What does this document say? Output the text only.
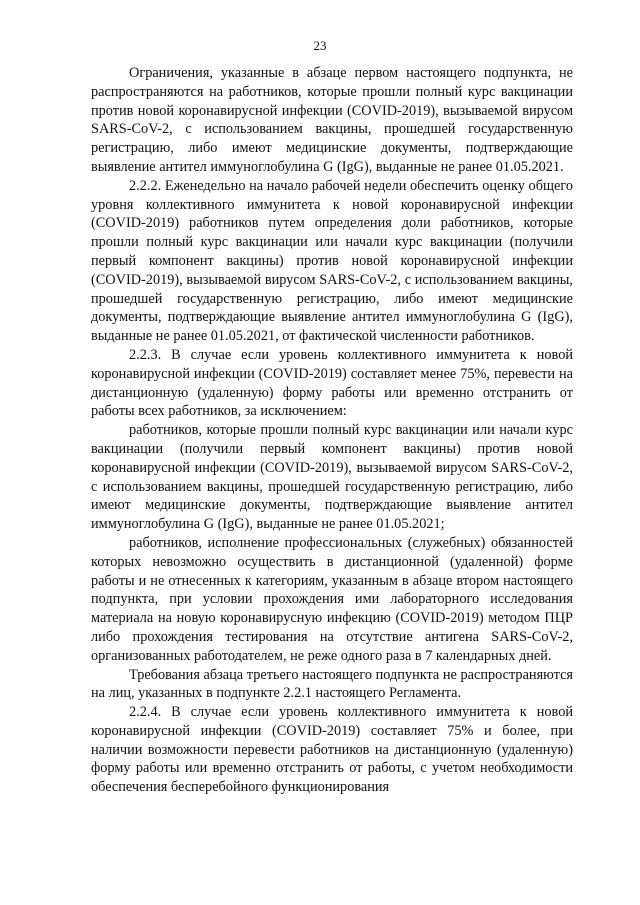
23

Ограничения, указанные в абзаце первом настоящего подпункта, не распространяются на работников, которые прошли полный курс вакцинации против новой коронавирусной инфекции (COVID-2019), вызываемой вирусом SARS-CoV-2, с использованием вакцины, прошедшей государственную регистрацию, либо имеют медицинские документы, подтверждающие выявление антител иммуноглобулина G (IgG), выданные не ранее 01.05.2021.

2.2.2. Еженедельно на начало рабочей недели обеспечить оценку общего уровня коллективного иммунитета к новой коронавирусной инфекции (COVID-2019) работников путем определения доли работников, которые прошли полный курс вакцинации или начали курс вакцинации (получили первый компонент вакцины) против новой коронавирусной инфекции (COVID-2019), вызываемой вирусом SARS-CoV-2, с использованием вакцины, прошедшей государственную регистрацию, либо имеют медицинские документы, подтверждающие выявление антител иммуноглобулина G (IgG), выданные не ранее 01.05.2021, от фактической численности работников.

2.2.3. В случае если уровень коллективного иммунитета к новой коронавирусной инфекции (COVID-2019) составляет менее 75%, перевести на дистанционную (удаленную) форму работы или временно отстранить от работы всех работников, за исключением:

работников, которые прошли полный курс вакцинации или начали курс вакцинации (получили первый компонент вакцины) против новой коронавирусной инфекции (COVID-2019), вызываемой вирусом SARS-CoV-2, с использованием вакцины, прошедшей государственную регистрацию, либо имеют медицинские документы, подтверждающие выявление антител иммуноглобулина G (IgG), выданные не ранее 01.05.2021;

работников, исполнение профессиональных (служебных) обязанностей которых невозможно осуществить в дистанционной (удаленной) форме работы и не отнесенных к категориям, указанным в абзаце втором настоящего подпункта, при условии прохождения ими лабораторного исследования материала на новую коронавирусную инфекцию (COVID-2019) методом ПЦР либо прохождения тестирования на отсутствие антигена SARS-CoV-2, организованных работодателем, не реже одного раза в 7 календарных дней.

Требования абзаца третьего настоящего подпункта не распространяются на лиц, указанных в подпункте 2.2.1 настоящего Регламента.

2.2.4. В случае если уровень коллективного иммунитета к новой коронавирусной инфекции (COVID-2019) составляет 75% и более, при наличии возможности перевести работников на дистанционную (удаленную) форму работы или временно отстранить от работы, с учетом необходимости обеспечения бесперебойного функционирования
